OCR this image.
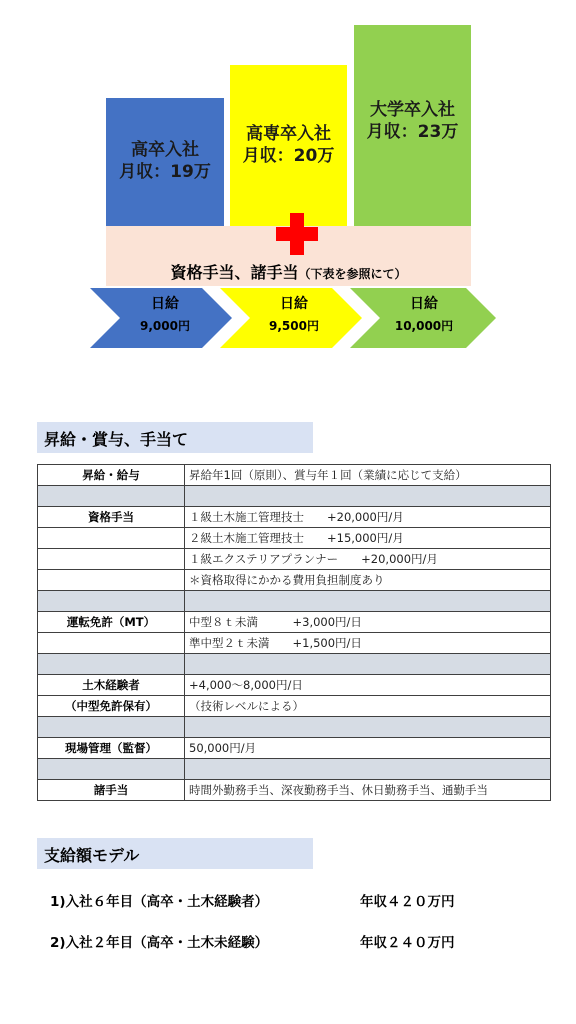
高卒入社
月収：19万
高専卒入社
月収：20万
大学卒入社
月収：23万
資格手当、諸手当（下表を参照にて）
日給
9,000円
日給
9,500円
日給
10,000円
昇給・賞与、手当て
昇給・給与	昇給年1回（原則）、賞与年１回（業績に応じて支給）

資格手当	１級土木施工管理技士　　+20,000円/月
	２級土木施工管理技士　　+15,000円/月
	１級エクステリアプランナー　　+20,000円/月
	＊資格取得にかかる費用負担制度あり

運転免許（MT）	中型８ｔ未満　　　+3,000円/日
	準中型２ｔ未満　　+1,500円/日

土木経験者	+4,000～8,000円/日
（中型免許保有）	（技術レベルによる）

現場管理（監督）	50,000円/月

諸手当	時間外勤務手当、深夜勤務手当、休日勤務手当、通勤手当
支給額モデル
1)入社６年目（高卒・土木経験者）	年収４２０万円
2)入社２年目（高卒・土木未経験）	年収２４０万円
